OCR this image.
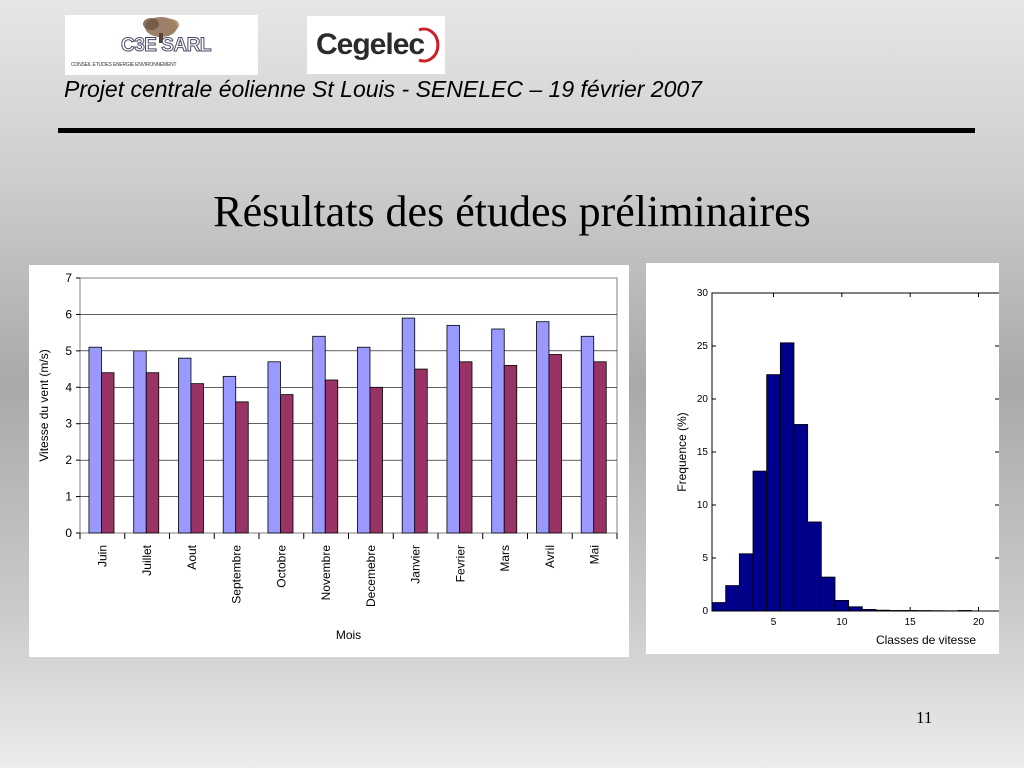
C3E SARL
CONSEIL ETUDES ENERGIE ENVIRONNEMENT
Cegelec
Projet centrale éolienne St Louis - SENELEC – 19 février 2007
Résultats des études préliminaires
Vitesse du vent (m/s)
Mois
0
1
2
3
4
5
6
7
Juin	Juillet	Aout	Septembre	Octobre	Novembre	Decemebre	Janvier	Fevrier	Mars	Avril	Mai
Frequence (%)
Classes de vitesse
0
5
10
15
20
25
30
5	10	15	20
11
